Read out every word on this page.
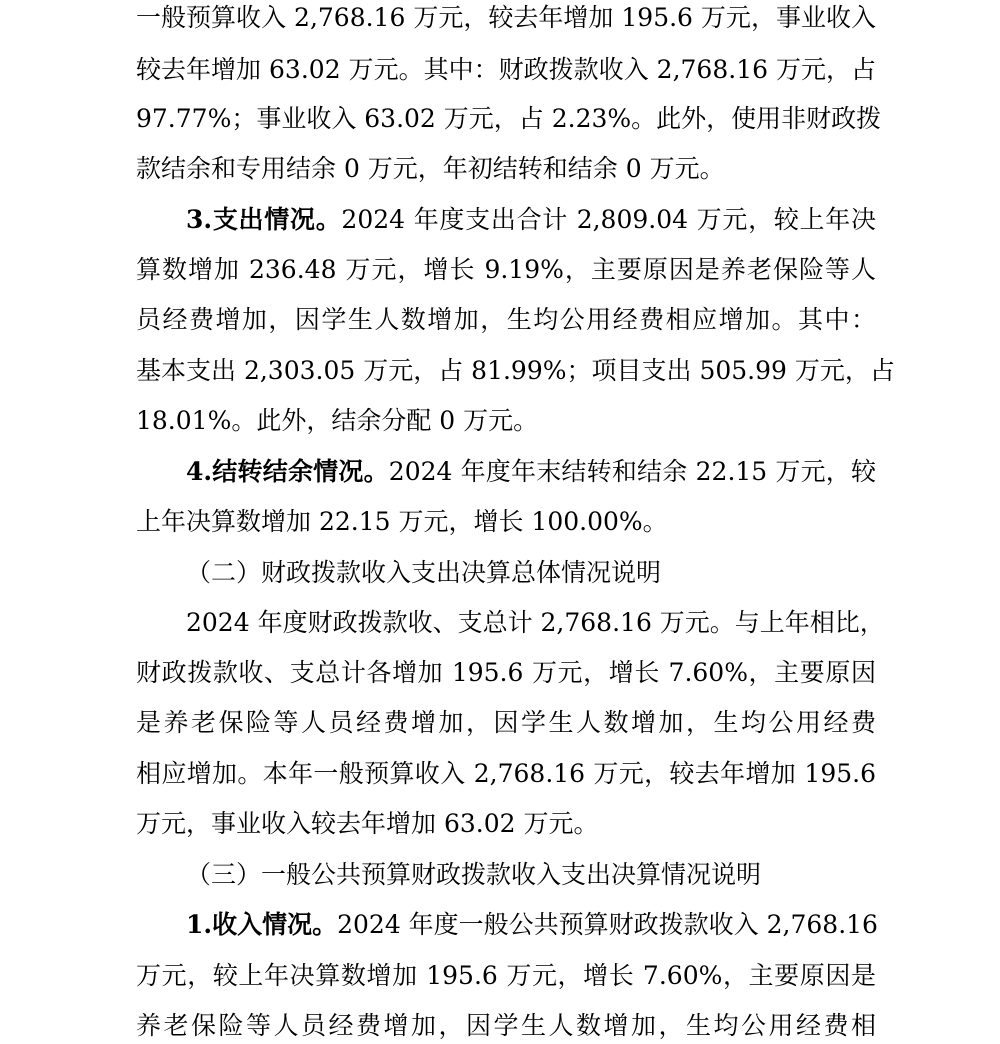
一般预算收入 2,768.16 万元，较去年增加 195.6 万元，事业收入
较去年增加 63.02 万元。其中：财政拨款收入 2,768.16 万元，占
97.77%；事业收入 63.02 万元，占 2.23%。此外，使用非财政拨
款结余和专用结余 0 万元，年初结转和结余 0 万元。
3.支出情况。2024 年度支出合计 2,809.04 万元，较上年决
算数增加 236.48 万元，增长 9.19%，主要原因是养老保险等人
员经费增加，因学生人数增加，生均公用经费相应增加。其中：
基本支出 2,303.05 万元，占 81.99%；项目支出 505.99 万元，占
18.01%。此外，结余分配 0 万元。
4.结转结余情况。2024 年度年末结转和结余 22.15 万元，较
上年决算数增加 22.15 万元，增长 100.00%。
（二）财政拨款收入支出决算总体情况说明
2024 年度财政拨款收、支总计 2,768.16 万元。与上年相比，
财政拨款收、支总计各增加 195.6 万元，增长 7.60%，主要原因
是养老保险等人员经费增加，因学生人数增加，生均公用经费
相应增加。本年一般预算收入 2,768.16 万元，较去年增加 195.6
万元，事业收入较去年增加 63.02 万元。
（三）一般公共预算财政拨款收入支出决算情况说明
1.收入情况。2024 年度一般公共预算财政拨款收入 2,768.16
万元，较上年决算数增加 195.6 万元，增长 7.60%，主要原因是
养老保险等人员经费增加，因学生人数增加，生均公用经费相
